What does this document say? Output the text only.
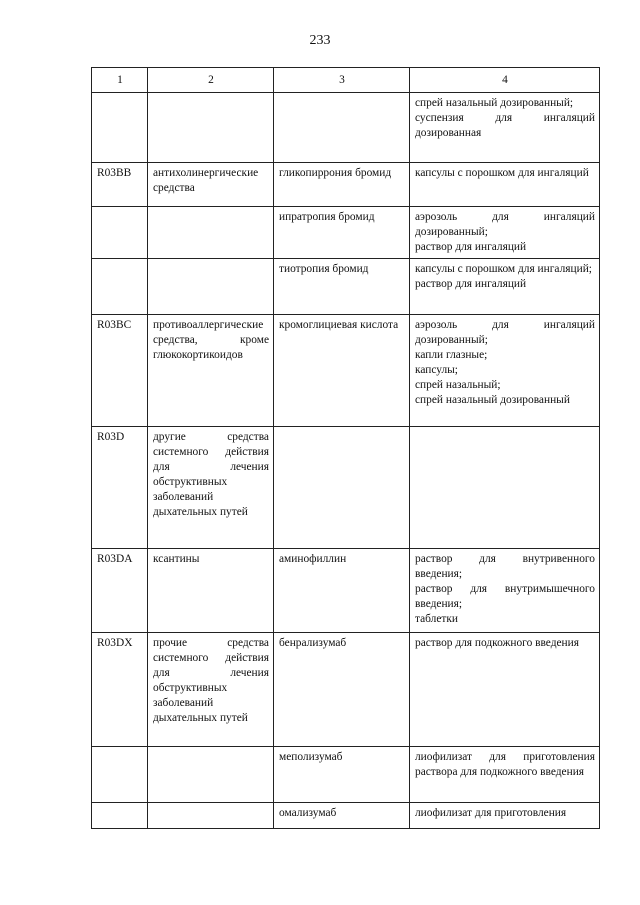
233
1	2	3	4

			спрей назальный дозированный;
суспензия для ингаляций дозированная

R03BB	антихолинергические средства	гликопиррония бромид	капсулы с порошком для ингаляций

		ипратропия бромид	аэрозоль для ингаляций дозированный;
раствор для ингаляций

		тиотропия бромид	капсулы с порошком для ингаляций;
раствор для ингаляций

R03BC	противоаллергические средства, кроме глюкокортикоидов	кромоглициевая кислота	аэрозоль для ингаляций дозированный;
капли глазные;
капсулы;
спрей назальный;
спрей назальный дозированный

R03D	другие средства системного действия для лечения обструктивных заболеваний дыхательных путей		
R03DA	ксантины	аминофиллин	раствор для внутривенного введения;
раствор для внутримышечного введения;
таблетки

R03DX	прочие средства системного действия для лечения обструктивных заболеваний дыхательных путей	бенрализумаб	раствор для подкожного введения

		меполизумаб	лиофилизат для приготовления раствора для подкожного введения

		омализумаб	лиофилизат для приготовления
